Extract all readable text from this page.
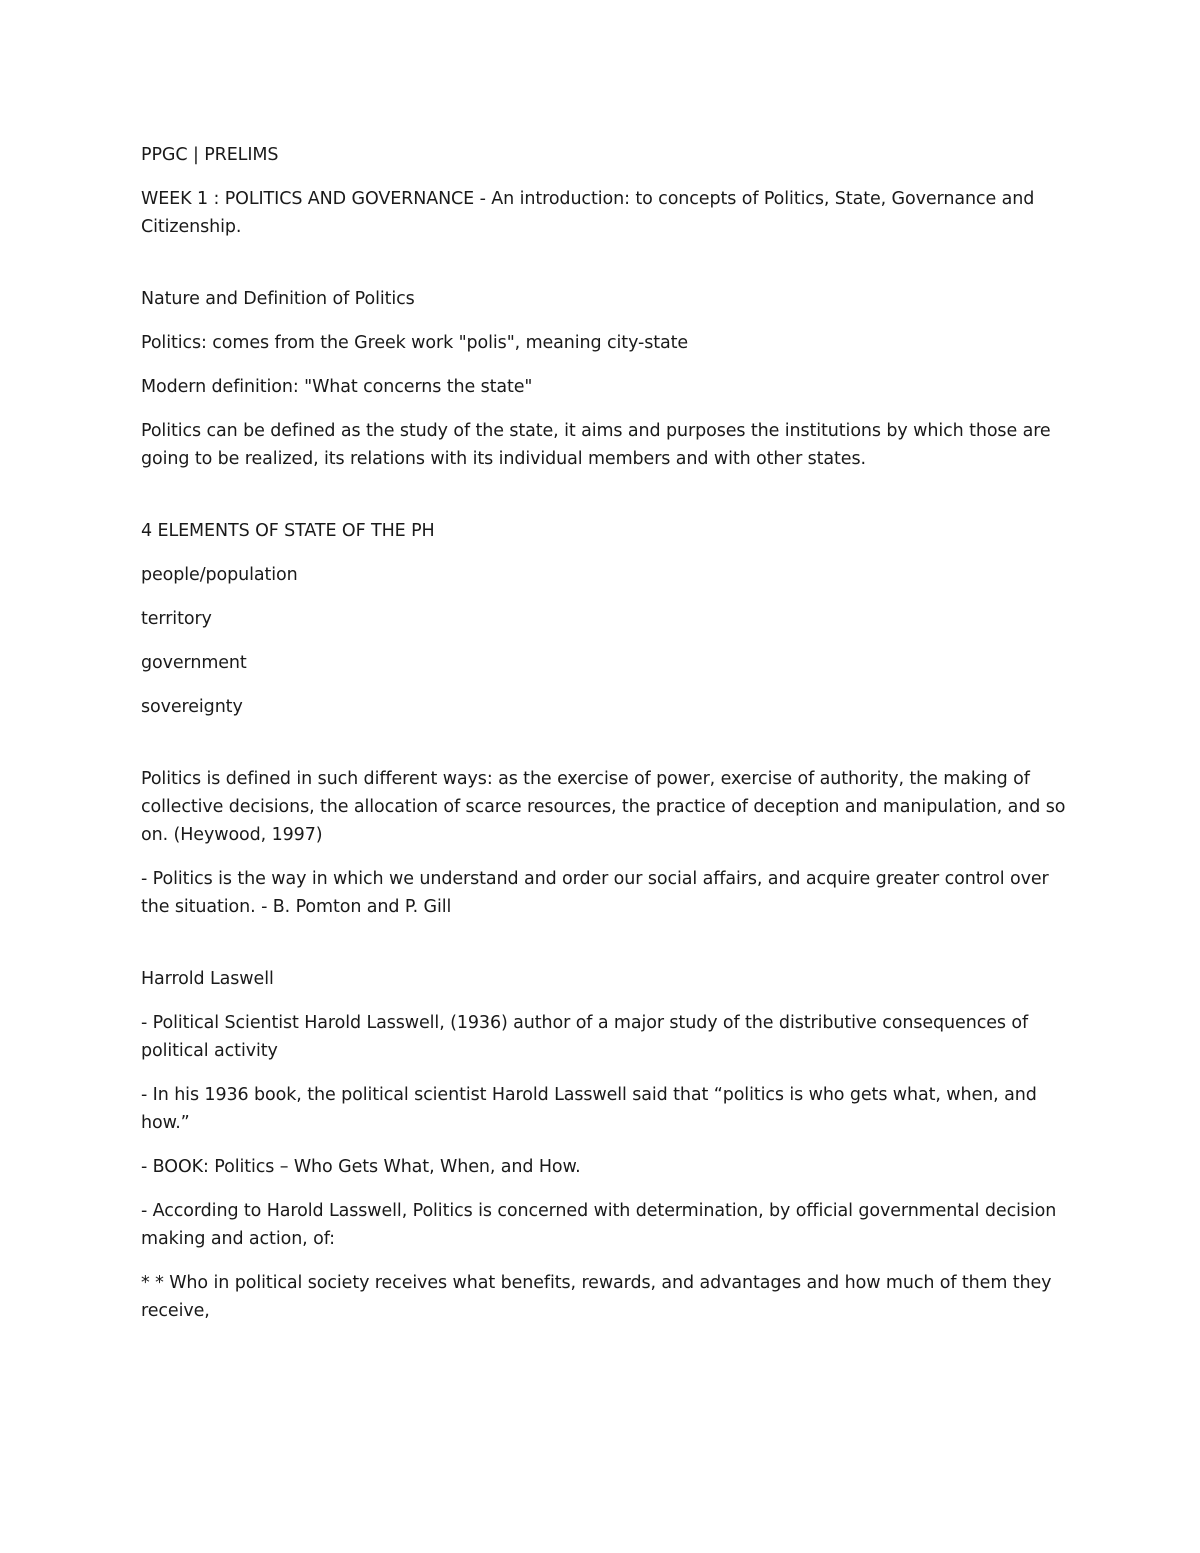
PPGC | PRELIMS

WEEK 1 : POLITICS AND GOVERNANCE - An introduction: to concepts of Politics, State, Governance and Citizenship.

Nature and Definition of Politics

Politics: comes from the Greek work "polis", meaning city-state

Modern definition: "What concerns the state"

Politics can be defined as the study of the state, it aims and purposes the institutions by which those are going to be realized, its relations with its individual members and with other states.

4 ELEMENTS OF STATE OF THE PH

people/population

territory

government

sovereignty

Politics is defined in such different ways: as the exercise of power, exercise of authority, the making of collective decisions, the allocation of scarce resources, the practice of deception and manipulation, and so on. (Heywood, 1997)

- Politics is the way in which we understand and order our social affairs, and acquire greater control over the situation. - B. Pomton and P. Gill

Harrold Laswell

- Political Scientist Harold Lasswell, (1936) author of a major study of the distributive consequences of political activity

- In his 1936 book, the political scientist Harold Lasswell said that “politics is who gets what, when, and how.”

- BOOK: Politics – Who Gets What, When, and How.

- According to Harold Lasswell, Politics is concerned with determination, by official governmental decision making and action, of:

* * Who in political society receives what benefits, rewards, and advantages and how much of them they receive,
